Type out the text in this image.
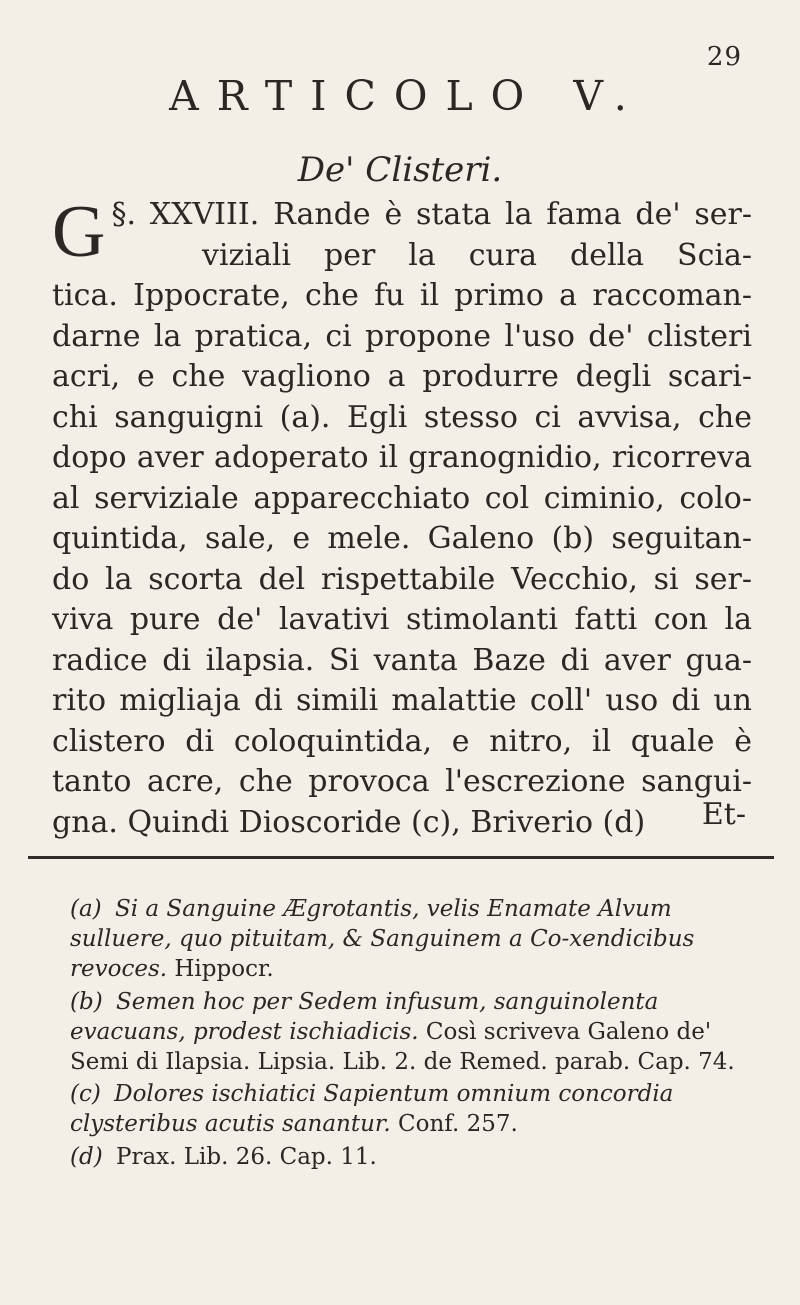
29
ARTICOLO V.
De' Clisteri.
§. XXVIII.
G	Rande è stata la fama de' ser-
viziali per la cura della Scia-
tica. Ippocrate, che fu il primo a raccoman-
darne la pratica, ci propone l'uso de' clisteri
acri, e che vagliono a produrre degli scari-
chi sanguigni (a). Egli stesso ci avvisa, che
dopo aver adoperato il granognidio, ricorreva
al serviziale apparecchiato col ciminio, colo-
quintida, sale, e mele. Galeno (b) seguitan-
do la scorta del rispettabile Vecchio, si ser-
viva pure de' lavativi stimolanti fatti con la
radice di ilapsia. Si vanta Baze di aver gua-
rito migliaja di simili malattie coll' uso di un
clistero di coloquintida, e nitro, il quale è
tanto acre, che provoca l'escrezione sangui-
gna. Quindi Dioscoride (c), Briverio (d)	Et-

(a) Si a Sanguine Ægrotantis, velis Enamate Alvum sulluere, quo pituitam, & Sanguinem a Co-xendicibus revoces. Hippocr.

(b) Semen hoc per Sedem infusum, sanguinolenta evacuans, prodest ischiadicis. Così scriveva Galeno de' Semi di Ilapsia. Lipsia. Lib. 2. de Remed. parab. Cap. 74.

(c) Dolores ischiatici Sapientum omnium concordia clysteribus acutis sanantur. Conf. 257.

(d) Prax. Lib. 26. Cap. 11.
